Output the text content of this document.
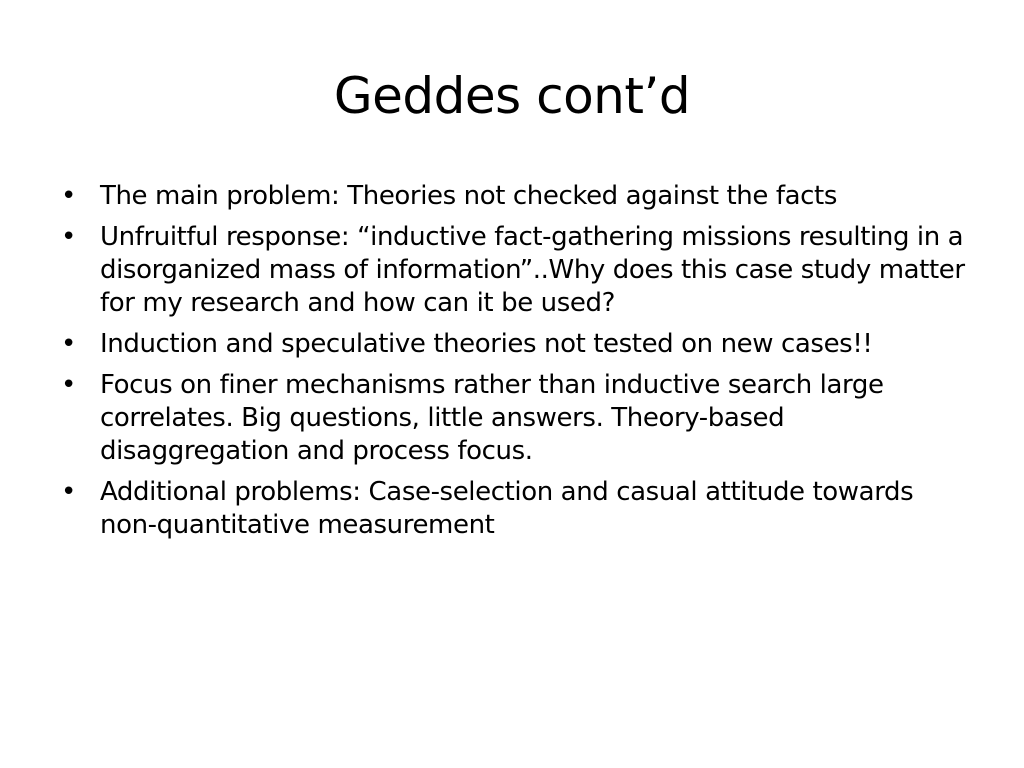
Geddes cont’d
• The main problem: Theories not checked against the facts
• Unfruitful response: “inductive fact-gathering missions resulting in a disorganized mass of information”..Why does this case study matter for my research and how can it be used?
• Induction and speculative theories not tested on new cases!!
• Focus on finer mechanisms rather than inductive search large correlates. Big questions, little answers. Theory-based disaggregation and process focus.
• Additional problems: Case-selection and casual attitude towards non-quantitative measurement
